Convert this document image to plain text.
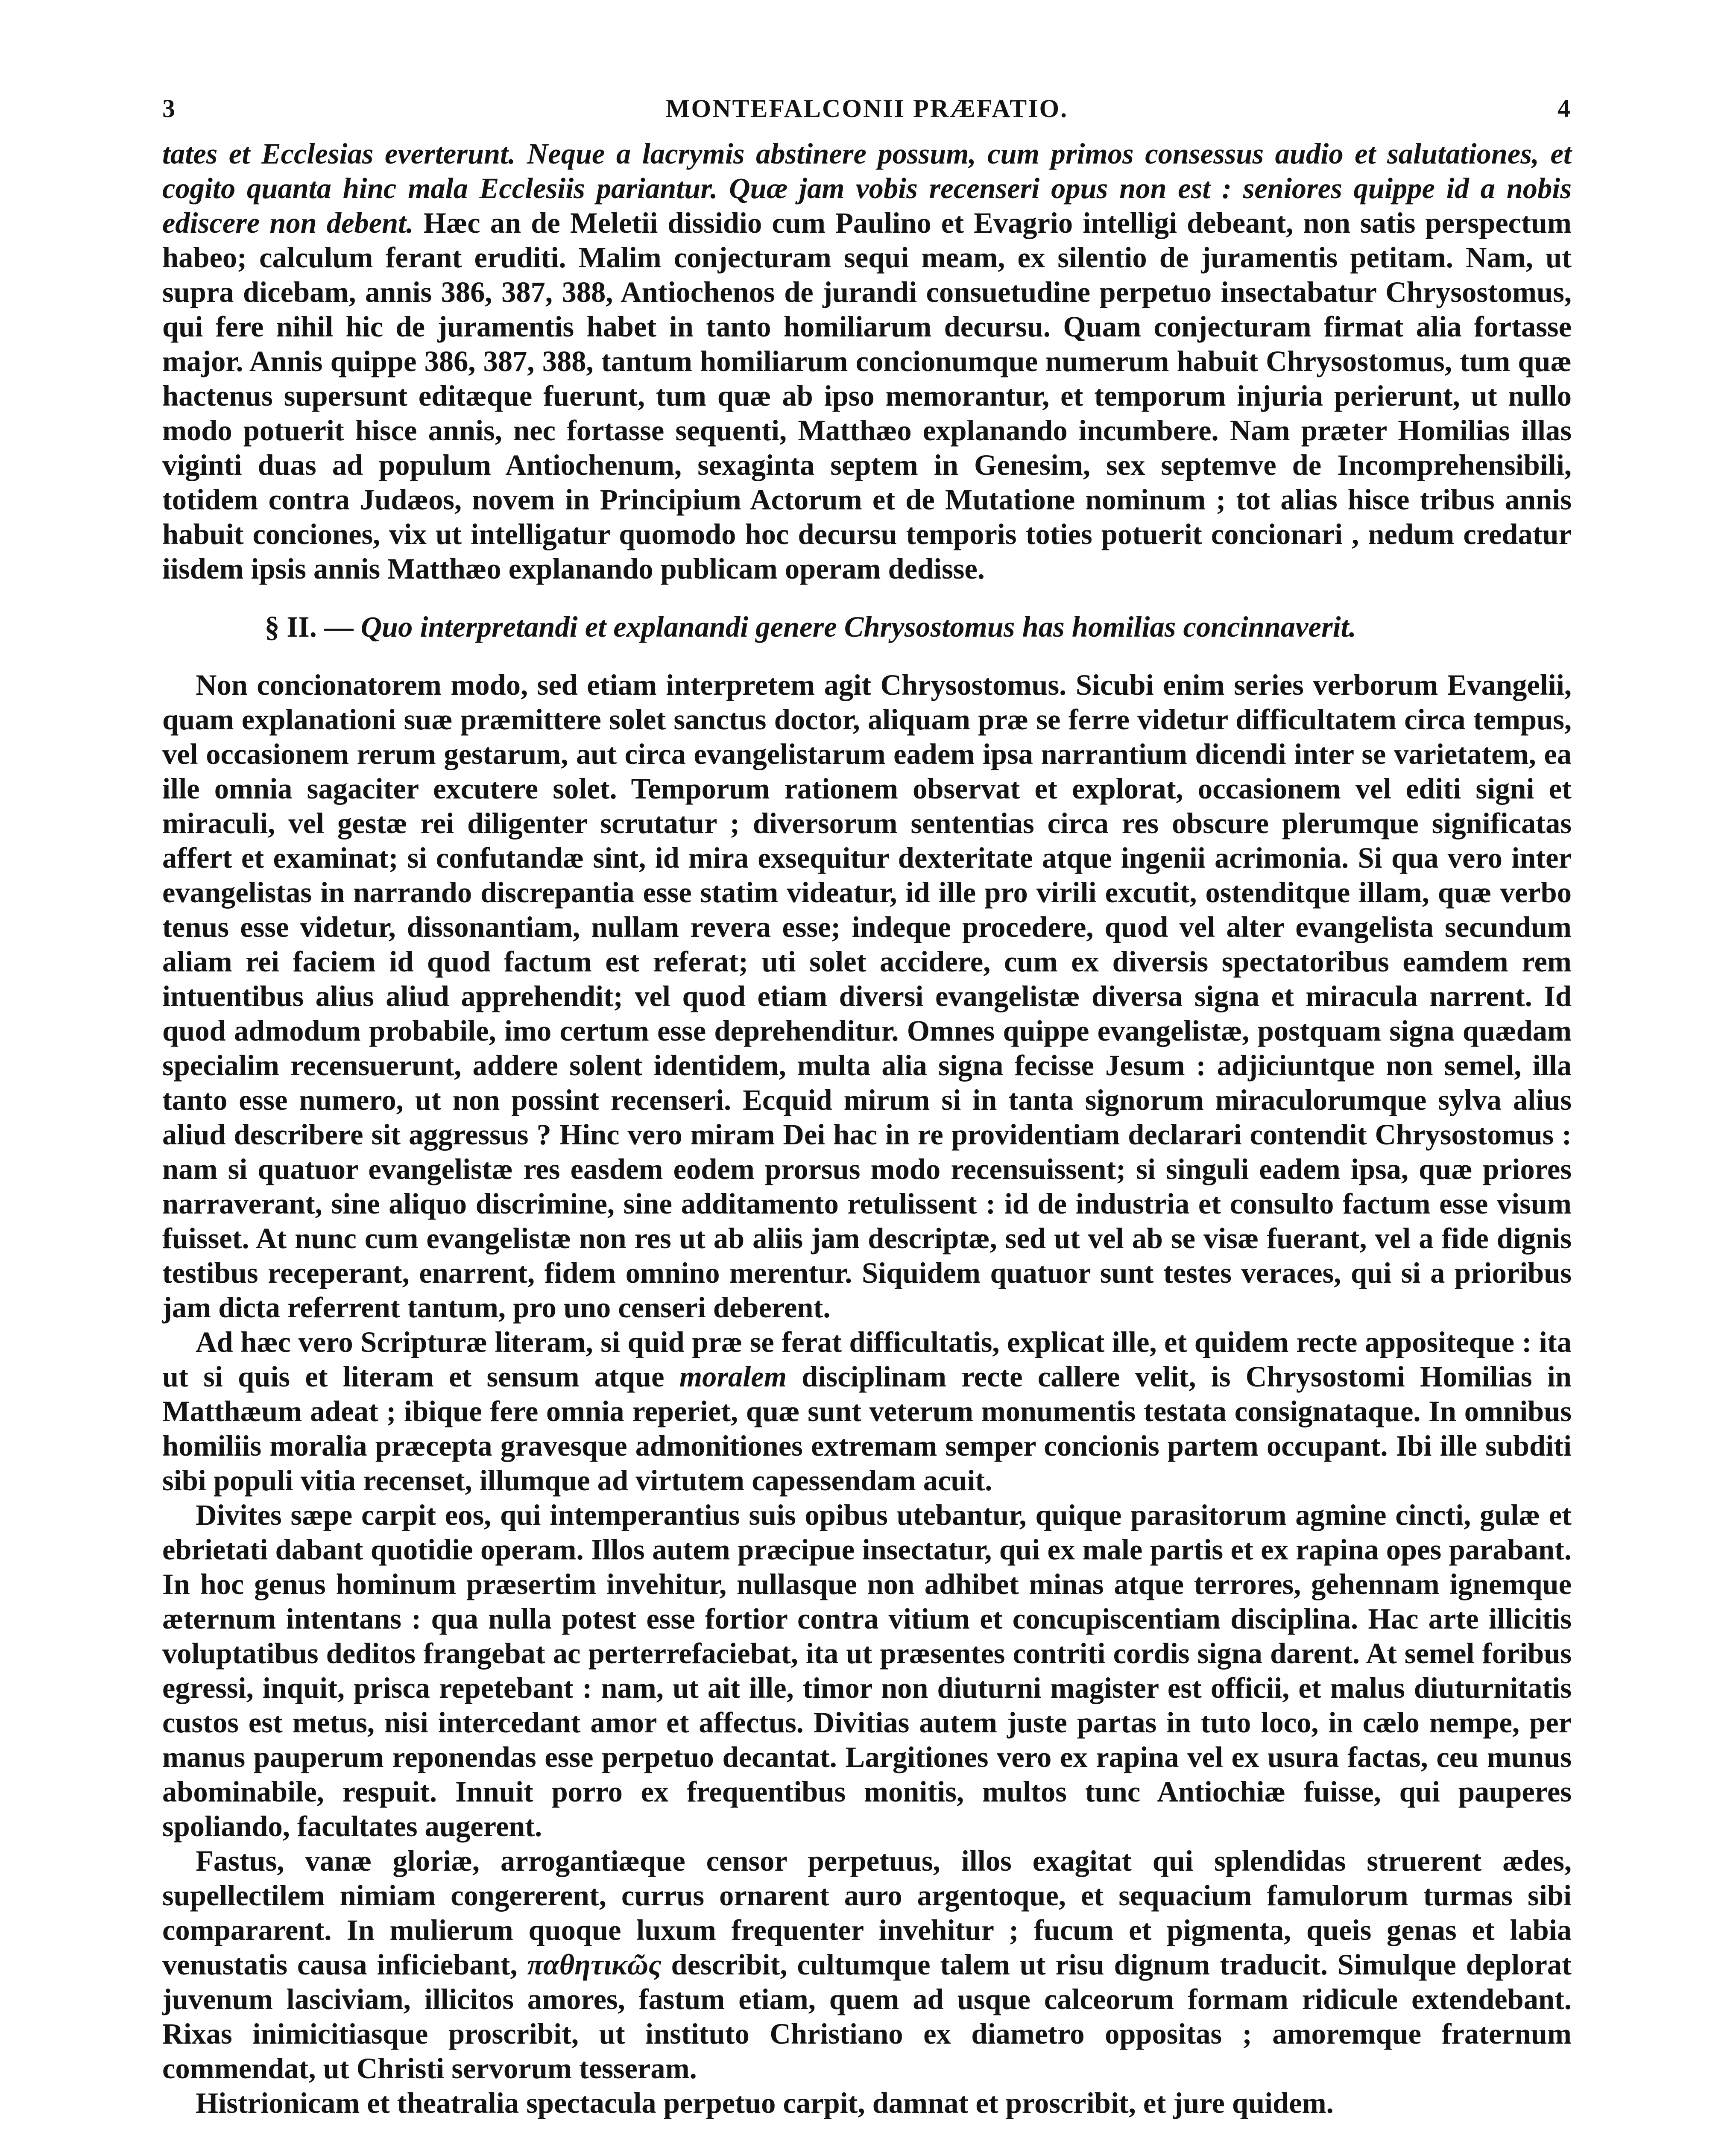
3	MONTEFALCONII PRÆFATIO.	4

tates et Ecclesias everterunt. Neque a lacrymis abstinere possum, cum primos consessus audio et salutationes, et cogito quanta hinc mala Ecclesiis pariantur. Quæ jam vobis recenseri opus non est : seniores quippe id a nobis ediscere non debent. Hæc an de Meletii dissidio cum Paulino et Evagrio intelligi debeant, non satis perspectum habeo; calculum ferant eruditi. Malim conjecturam sequi meam, ex silentio de juramentis petitam. Nam, ut supra dicebam, annis 386, 387, 388, Antiochenos de jurandi consuetudine perpetuo insectabatur Chrysostomus, qui fere nihil hic de juramentis habet in tanto homiliarum decursu. Quam conjecturam firmat alia fortasse major. Annis quippe 386, 387, 388, tantum homiliarum concionumque numerum habuit Chrysostomus, tum quæ hactenus supersunt editæque fuerunt, tum quæ ab ipso memorantur, et temporum injuria perierunt, ut nullo modo potuerit hisce annis, nec fortasse sequenti, Matthæo explanando incumbere. Nam præter Homilias illas viginti duas ad populum Antiochenum, sexaginta septem in Genesim, sex septemve de Incomprehensibili, totidem contra Judæos, novem in Principium Actorum et de Mutatione nominum ; tot alias hisce tribus annis habuit conciones, vix ut intelligatur quomodo hoc decursu temporis toties potuerit concionari , nedum credatur iisdem ipsis annis Matthæo explanando publicam operam dedisse.

§ II. — Quo interpretandi et explanandi genere Chrysostomus has homilias concinnaverit.

Non concionatorem modo, sed etiam interpretem agit Chrysostomus. Sicubi enim series verborum Evangelii, quam explanationi suæ præmittere solet sanctus doctor, aliquam præ se ferre videtur difficultatem circa tempus, vel occasionem rerum gestarum, aut circa evangelistarum eadem ipsa narrantium dicendi inter se varietatem, ea ille omnia sagaciter excutere solet. Temporum rationem observat et explorat, occasionem vel editi signi et miraculi, vel gestæ rei diligenter scrutatur ; diversorum sententias circa res obscure plerumque significatas affert et examinat; si confutandæ sint, id mira exsequitur dexteritate atque ingenii acrimonia. Si qua vero inter evangelistas in narrando discrepantia esse statim videatur, id ille pro virili excutit, ostenditque illam, quæ verbo tenus esse videtur, dissonantiam, nullam revera esse; indeque procedere, quod vel alter evangelista secundum aliam rei faciem id quod factum est referat; uti solet accidere, cum ex diversis spectatoribus eamdem rem intuentibus alius aliud apprehendit; vel quod etiam diversi evangelistæ diversa signa et miracula narrent. Id quod admodum probabile, imo certum esse deprehenditur. Omnes quippe evangelistæ, postquam signa quædam specialim recensuerunt, addere solent identidem, multa alia signa fecisse Jesum : adjiciuntque non semel, illa tanto esse numero, ut non possint recenseri. Ecquid mirum si in tanta signorum miraculorumque sylva alius aliud describere sit aggressus ? Hinc vero miram Dei hac in re providentiam declarari contendit Chrysostomus : nam si quatuor evangelistæ res easdem eodem prorsus modo recensuissent; si singuli eadem ipsa, quæ priores narraverant, sine aliquo discrimine, sine additamento retulissent : id de industria et consulto factum esse visum fuisset. At nunc cum evangelistæ non res ut ab aliis jam descriptæ, sed ut vel ab se visæ fuerant, vel a fide dignis testibus receperant, enarrent, fidem omnino merentur. Siquidem quatuor sunt testes veraces, qui si a prioribus jam dicta referrent tantum, pro uno censeri deberent.

Ad hæc vero Scripturæ literam, si quid præ se ferat difficultatis, explicat ille, et quidem recte appositeque : ita ut si quis et literam et sensum atque moralem disciplinam recte callere velit, is Chrysostomi Homilias in Matthæum adeat ; ibique fere omnia reperiet, quæ sunt veterum monumentis testata consignataque. In omnibus homiliis moralia præcepta gravesque admonitiones extremam semper concionis partem occupant. Ibi ille subditi sibi populi vitia recenset, illumque ad virtutem capessendam acuit.

Divites sæpe carpit eos, qui intemperantius suis opibus utebantur, quique parasitorum agmine cincti, gulæ et ebrietati dabant quotidie operam. Illos autem præcipue insectatur, qui ex male partis et ex rapina opes parabant. In hoc genus hominum præsertim invehitur, nullasque non adhibet minas atque terrores, gehennam ignemque æternum intentans : qua nulla potest esse fortior contra vitium et concupiscentiam disciplina. Hac arte illicitis voluptatibus deditos frangebat ac perterrefaciebat, ita ut præsentes contriti cordis signa darent. At semel foribus egressi, inquit, prisca repetebant : nam, ut ait ille, timor non diuturni magister est officii, et malus diuturnitatis custos est metus, nisi intercedant amor et affectus. Divitias autem juste partas in tuto loco, in cælo nempe, per manus pauperum reponendas esse perpetuo decantat. Largitiones vero ex rapina vel ex usura factas, ceu munus abominabile, respuit. Innuit porro ex frequentibus monitis, multos tunc Antiochiæ fuisse, qui pauperes spoliando, facultates augerent.

Fastus, vanæ gloriæ, arrogantiæque censor perpetuus, illos exagitat qui splendidas struerent ædes, supellectilem nimiam congererent, currus ornarent auro argentoque, et sequacium famulorum turmas sibi compararent. In mulierum quoque luxum frequenter invehitur ; fucum et pigmenta, queis genas et labia venustatis causa inficiebant, παθητικῶς describit, cultumque talem ut risu dignum traducit. Simulque deplorat juvenum lasciviam, illicitos amores, fastum etiam, quem ad usque calceorum formam ridicule extendebant. Rixas inimicitiasque proscribit, ut instituto Christiano ex diametro oppositas ; amoremque fraternum commendat, ut Christi servorum tesseram.

Histrionicam et theatralia spectacula perpetuo carpit, damnat et proscribit, et jure quidem.
